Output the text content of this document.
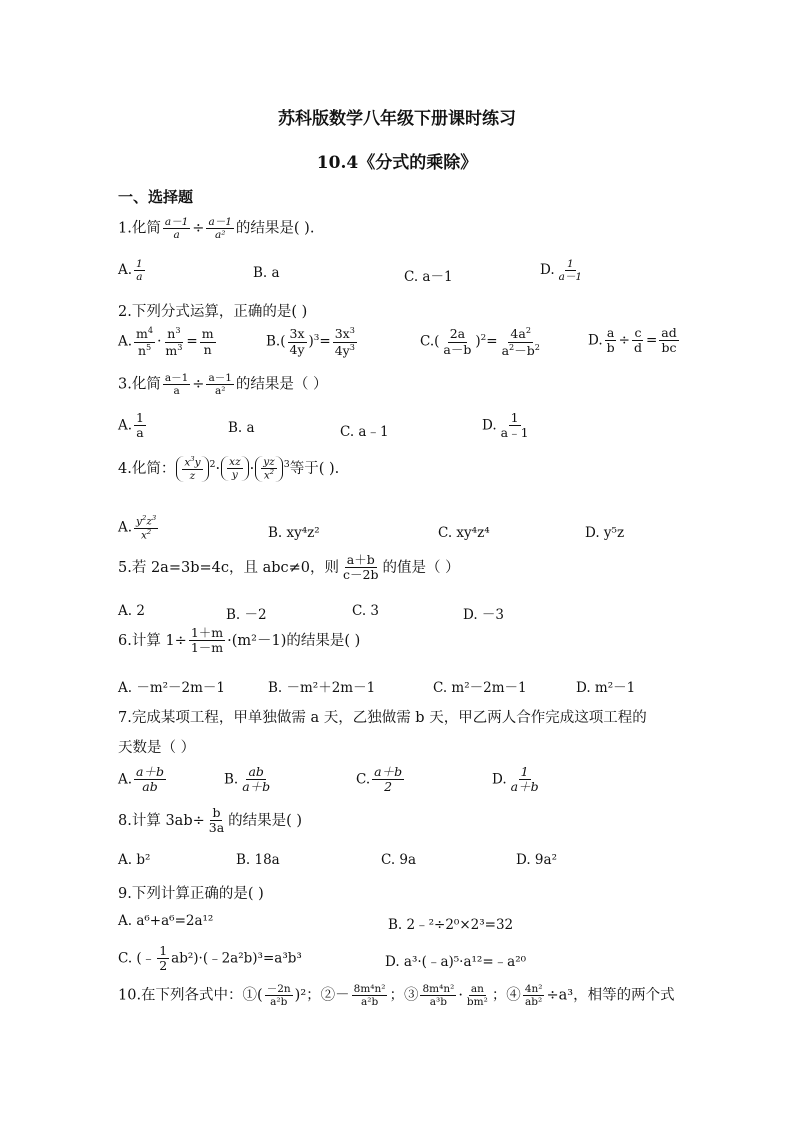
苏科版数学八年级下册课时练习
10.4《分式的乘除》
一、选择题
1.化简 $\frac{a-1}{a} \div \frac{a-1}{\text{a²}}$ 的结果是( ).
A. $\frac{1}{a}$	B. a	C. a－1	D. $\frac{1}{a-1}$
2.下列分式运算，正确的是( )
A. $\frac{m^4}{n^5} \cdot \frac{n^3}{m^3} = \frac{m}{n}$	$B.( \frac{3x}{4y} )^3= \frac{3x^3}{4y^3}$	$C.( \frac{2a}{a-b} )^2= \frac{4a^2}{a^2-b^2}$	D. $\frac{a}{b} \div \frac{c}{d} = \frac{ad}{bc}$
3.化简 $\frac{a-1}{a} \div \frac{a-1}{\text{a²}}$ 的结果是（ ）
A. $\frac{1}{a}$	B. a	C. a﹣1	D. $\frac{1}{a﹣1}$
4.化简： $\frac{x^3y}{z} ^2\cdot \frac{xz}{y} \cdot \frac{yz}{x^2} ^3$等于( ).
A. $\frac{y^2z^3}{x^2}$	B. xy⁴z²	C. xy⁴z⁴	D. y⁵z
5.若 2a=3b=4c，且 abc≠0，则 $\frac{a+b}{c-2b}$ 的值是（ ）
A. 2	B. －2	C. 3	D. －3
6.计算 $1\div \frac{1+m}{1-m} \cdot(m^2-1)$的结果是( )
A. －m²－2m－1	B. －m²＋2m－1	C. m²－2m－1	D. m²－1
7.完成某项工程，甲单独做需 a 天，乙独做需 b 天，甲乙两人合作完成这项工程的
天数是（ ）
A. $\frac{a+b}{ab}$	B. $\frac{ab}{a+b}$	C. $\frac{a+b}{2}$	D. $\frac{1}{a+b}$
8.计算 $3ab\div \frac{b}{3a}$ 的结果是( )
A. b²	B. 18a	C. 9a	D. 9a²
9.下列计算正确的是( )
A. a⁶+a⁶=2a¹²	B. 2﹣²÷2⁰×2³=32
C. (﹣ $\frac{1}{2}$ ab²)·(﹣2a²b)³=a³b³	D. a³·(﹣a)⁵·a¹²=﹣a²⁰
10.在下列各式中：①( $\frac{-2n}{\text{a²b}} )^2$；②－ $\frac{\text{8m⁴n²}}{\text{a²b}}$ ；③ $\frac{\text{8m⁴n²}}{\text{a³b}} \cdot \frac{an}{\text{bm²}}$ ；④ $\frac{\text{4n²}}{\text{ab²}} \div a^3$，相等的两个式
